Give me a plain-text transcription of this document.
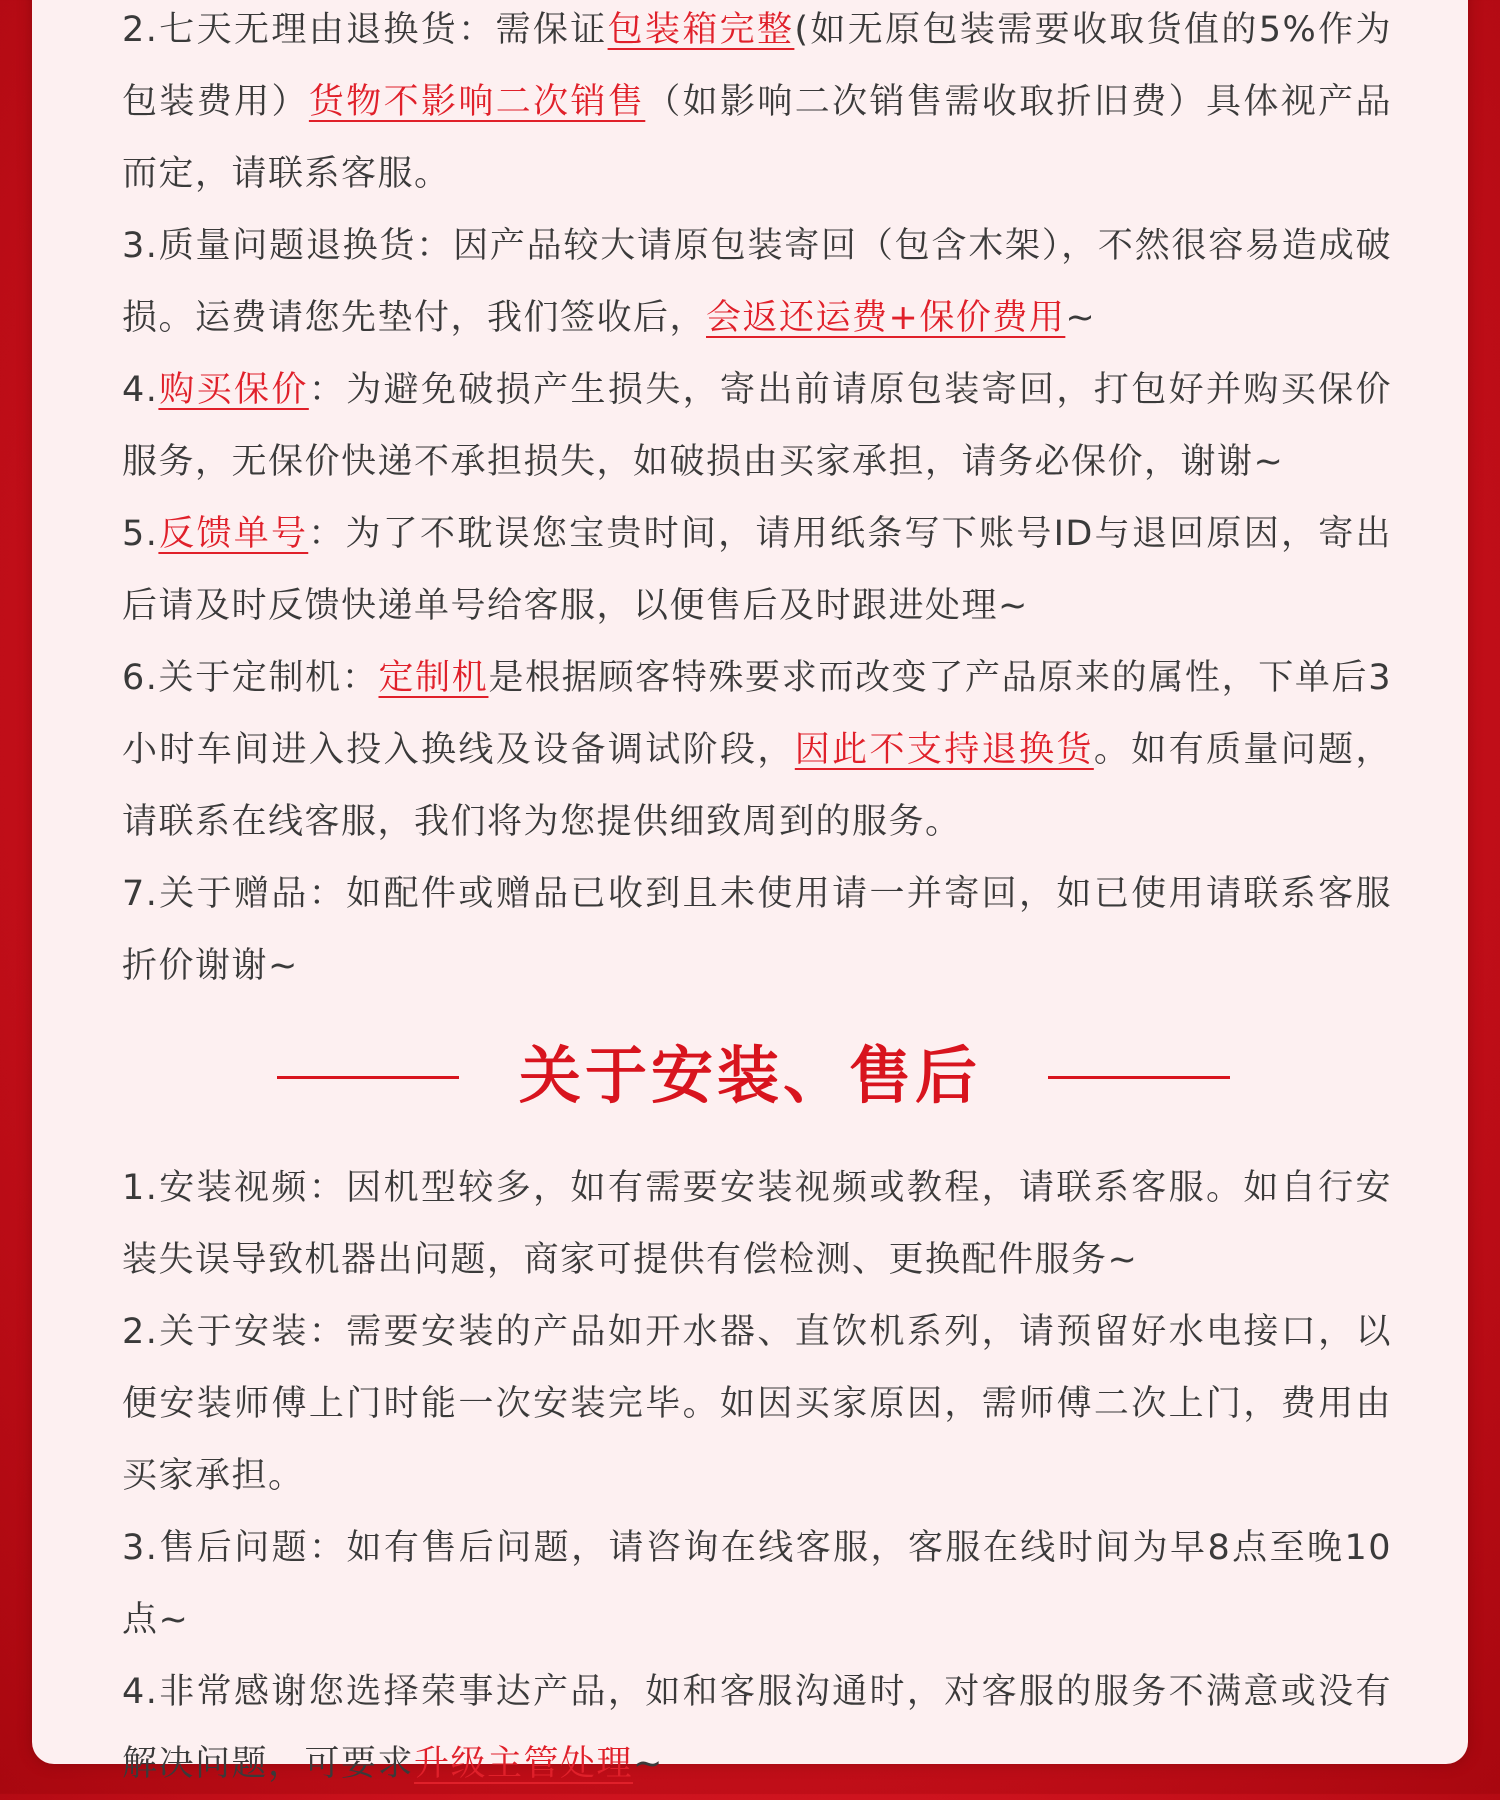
2.七天无理由退换货：需保证包装箱完整(如无原包装需要收取货值的5%作为包装费用）货物不影响二次销售（如影响二次销售需收取折旧费）具体视产品而定，请联系客服。

3.质量问题退换货：因产品较大请原包装寄回（包含木架），不然很容易造成破损。运费请您先垫付，我们签收后，会返还运费+保价费用~

4.购买保价：为避免破损产生损失，寄出前请原包装寄回，打包好并购买保价服务，无保价快递不承担损失，如破损由买家承担，请务必保价，谢谢~

5.反馈单号：为了不耽误您宝贵时间，请用纸条写下账号ID与退回原因，寄出后请及时反馈快递单号给客服，以便售后及时跟进处理~

6.关于定制机：定制机是根据顾客特殊要求而改变了产品原来的属性，下单后3小时车间进入投入换线及设备调试阶段，因此不支持退换货。如有质量问题，请联系在线客服，我们将为您提供细致周到的服务。

7.关于赠品：如配件或赠品已收到且未使用请一并寄回，如已使用请联系客服折价谢谢~

关于安装、售后

1.安装视频：因机型较多，如有需要安装视频或教程，请联系客服。如自行安装失误导致机器出问题，商家可提供有偿检测、更换配件服务~

2.关于安装：需要安装的产品如开水器、直饮机系列，请预留好水电接口，以便安装师傅上门时能一次安装完毕。如因买家原因，需师傅二次上门，费用由买家承担。

3.售后问题：如有售后问题，请咨询在线客服，客服在线时间为早8点至晚10点~

4.非常感谢您选择荣事达产品，如和客服沟通时，对客服的服务不满意或没有解决问题，可要求升级主管处理~
